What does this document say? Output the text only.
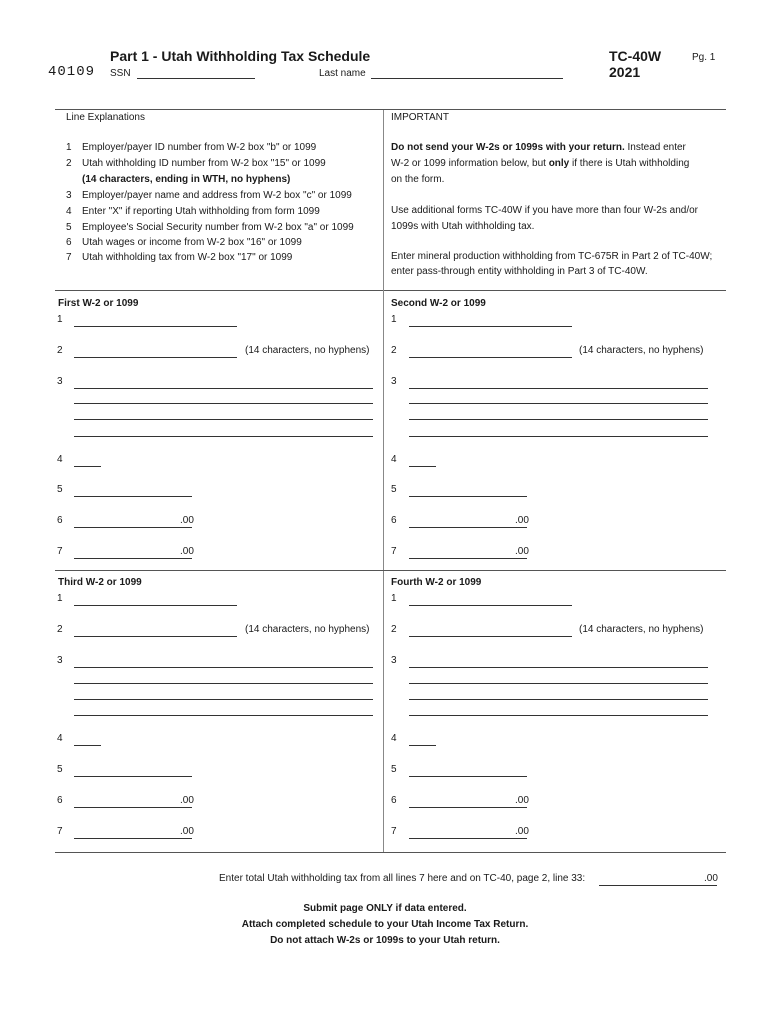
40109
Part 1 - Utah Withholding Tax Schedule
SSN	Last name
TC-40W
2021
Pg. 1
Line Explanations
1 Employer/payer ID number from W-2 box "b" or 1099
2 Utah withholding ID number from W-2 box "15" or 1099
(14 characters, ending in WTH, no hyphens)
3 Employer/payer name and address from W-2 box "c" or 1099
4 Enter "X" if reporting Utah withholding from form 1099
5 Employee's Social Security number from W-2 box "a" or 1099
6 Utah wages or income from W-2 box "16" or 1099
7 Utah withholding tax from W-2 box "17" or 1099
IMPORTANT
Do not send your W-2s or 1099s with your return. Instead enter
W-2 or 1099 information below, but only if there is Utah withholding
on the form.
Use additional forms TC-40W if you have more than four W-2s and/or
1099s with Utah withholding tax.
Enter mineral production withholding from TC-675R in Part 2 of TC-40W;
enter pass-through entity withholding in Part 3 of TC-40W.
First W-2 or 1099
1
2	(14 characters, no hyphens)
3
4
5
6	.00
7	.00
Second W-2 or 1099
1
2	(14 characters, no hyphens)
3
4
5
6	.00
7	.00
Third W-2 or 1099
1
2	(14 characters, no hyphens)
3
4
5
6	.00
7	.00
Fourth W-2 or 1099
1
2	(14 characters, no hyphens)
3
4
5
6	.00
7	.00
Enter total Utah withholding tax from all lines 7 here and on TC-40, page 2, line 33:	.00
Submit page ONLY if data entered.
Attach completed schedule to your Utah Income Tax Return.
Do not attach W-2s or 1099s to your Utah return.
